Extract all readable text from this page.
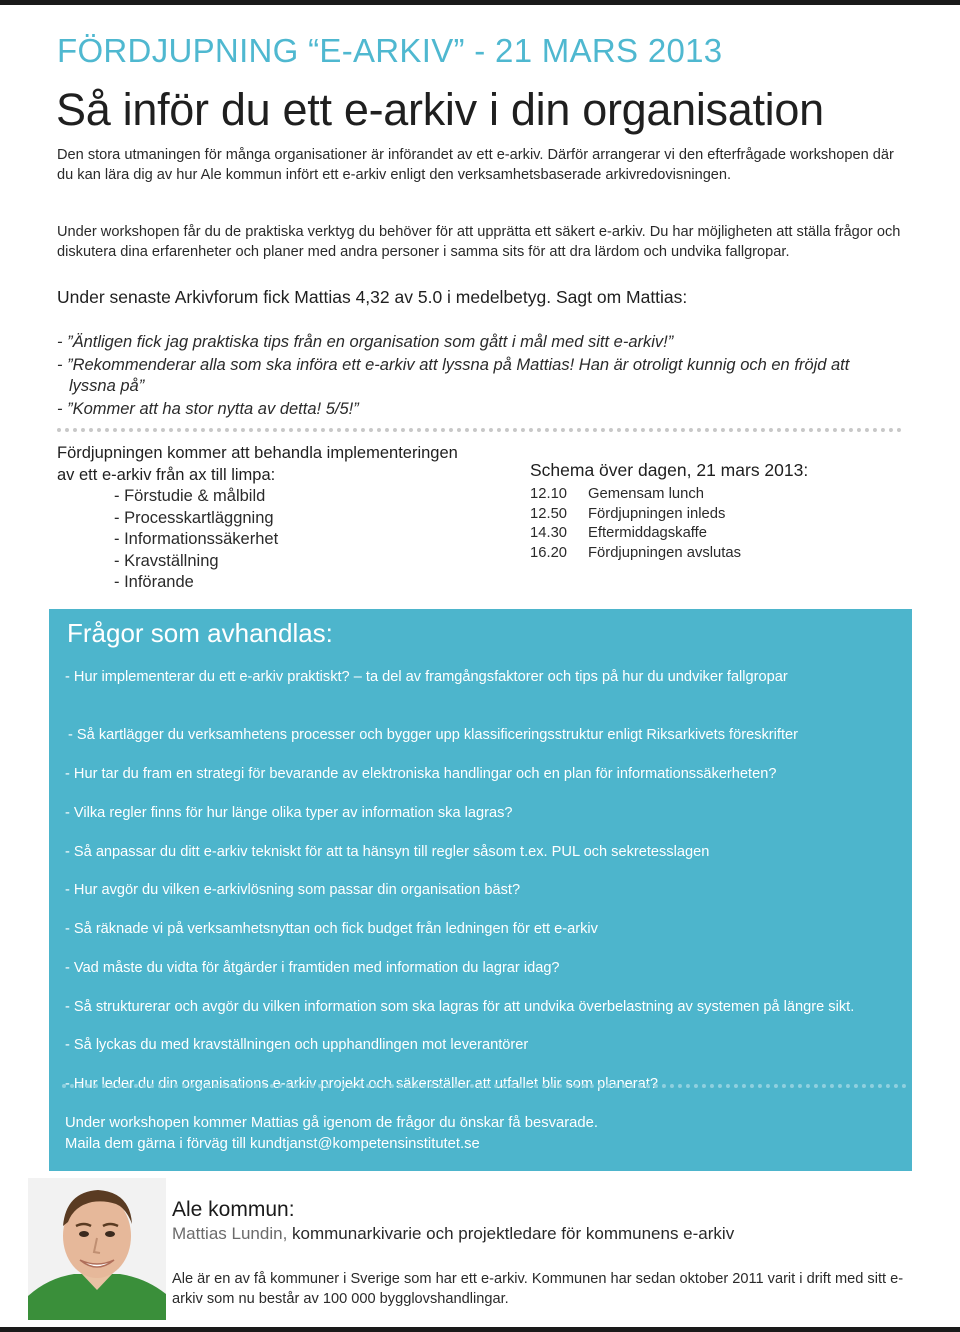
FÖRDJUPNING “E-ARKIV” - 21 MARS 2013
Så inför du ett e-arkiv i din organisation

Den stora utmaningen för många organisationer är införandet av ett e-arkiv. Därför arrangerar vi den efterfrågade workshopen där du kan lära dig av hur Ale kommun infört ett e-arkiv enligt den verksamhetsbaserade arkivredovisningen.

Under workshopen får du de praktiska verktyg du behöver för att upprätta ett säkert e-arkiv. Du har möjligheten att ställa frågor och diskutera dina erfarenheter och planer med andra personer i samma sits för att dra lärdom och undvika fallgropar.

Under senaste Arkivforum fick Mattias 4,32 av 5.0 i medelbetyg. Sagt om Mattias:

- ”Äntligen fick jag praktiska tips från en organisation som gått i mål med sitt e-arkiv!”

- ”Rekommenderar alla som ska införa ett e-arkiv att lyssna på Mattias! Han är otroligt kunnig och en fröjd att lyssna på”

- ”Kommer att ha stor nytta av detta! 5/5!”

Fördjupningen kommer att behandla implementeringen av ett e-arkiv från ax till limpa:

- Förstudie & målbild
- Processkartläggning
- Informationssäkerhet
- Kravställning
- Införande
Schema över dagen, 21 mars 2013:
12.10	Gemensam lunch
12.50	Fördjupningen inleds
14.30	Eftermiddagskaffe
16.20	Fördjupningen avslutas
Frågor som avhandlas:

- Hur implementerar du ett e-arkiv praktiskt? – ta del av framgångsfaktorer och tips på hur du undviker fallgropar

- Så kartlägger du verksamhetens processer och bygger upp klassificeringsstruktur enligt Riksarkivets föreskrifter

- Hur tar du fram en strategi för bevarande av elektroniska handlingar och en plan för informationssäkerheten?

- Vilka regler finns för hur länge olika typer av information ska lagras?

- Så anpassar du ditt e-arkiv tekniskt för att ta hänsyn till regler såsom t.ex. PUL och sekretesslagen

- Hur avgör du vilken e-arkivlösning som passar din organisation bäst?

- Så räknade vi på verksamhetsnyttan och fick budget från ledningen för ett e-arkiv

- Vad måste du vidta för åtgärder i framtiden med information du lagrar idag?

- Så strukturerar och avgör du vilken information som ska lagras för att undvika överbelastning av systemen på längre sikt.

- Så lyckas du med kravställningen och upphandlingen mot leverantörer

- Hur leder du din organisations e-arkiv projekt och säkerställer att utfallet blir som planerat?

Under workshopen kommer Mattias gå igenom de frågor du önskar få besvarade.
Maila dem gärna i förväg till kundtjanst@kompetensinstitutet.se
Ale kommun:
Mattias Lundin, kommunarkivarie och projektledare för kommunens e-arkiv

Ale är en av få kommuner i Sverige som har ett e-arkiv. Kommunen har sedan oktober 2011 varit i drift med sitt e-arkiv som nu består av 100 000 bygglovshandlingar.
